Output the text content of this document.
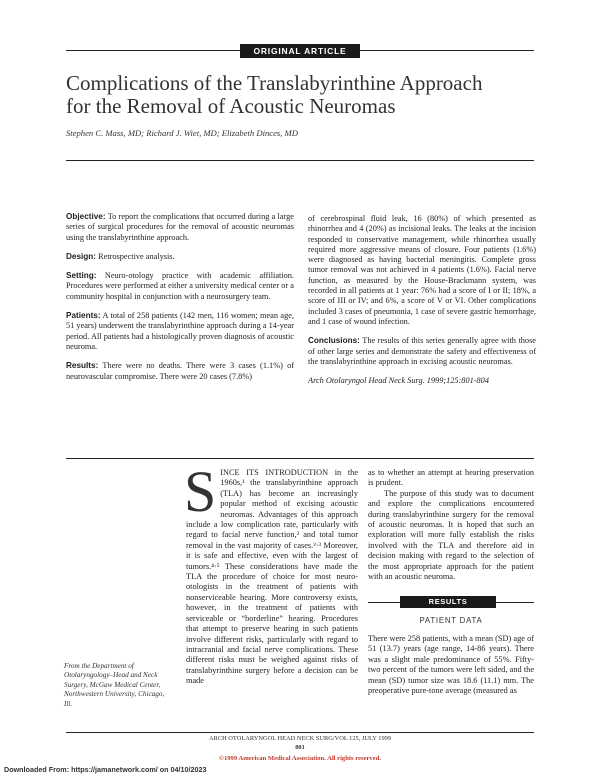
ORIGINAL ARTICLE
Complications of the Translabyrinthine Approach
for the Removal of Acoustic Neuromas
Stephen C. Mass, MD; Richard J. Wiet, MD; Elizabeth Dinces, MD

Objective: To report the complications that occurred during a large series of surgical procedures for the removal of acoustic neuromas using the translabyrinthine approach.

Design: Retrospective analysis.

Setting: Neuro-otology practice with academic affiliation. Procedures were performed at either a university medical center or a community hospital in conjunction with a neurosurgery team.

Patients: A total of 258 patients (142 men, 116 women; mean age, 51 years) underwent the translabyrinthine approach during a 14-year period. All patients had a histologically proven diagnosis of acoustic neuroma.

Results: There were no deaths. There were 3 cases (1.1%) of neurovascular compromise. There were 20 cases (7.8%)

of cerebrospinal fluid leak, 16 (80%) of which presented as rhinorrhea and 4 (20%) as incisional leaks. The leaks at the incision responded to conservative management, while rhinorrhea usually required more aggressive means of closure. Four patients (1.6%) were diagnosed as having bacterial meningitis. Complete gross tumor removal was not achieved in 4 patients (1.6%). Facial nerve function, as measured by the House-Brackmann system, was recorded in all patients at 1 year: 76% had a score of I or II; 18%, a score of III or IV; and 6%, a score of V or VI. Other complications included 3 cases of pneumonia, 1 case of severe gastric hemorrhage, and 1 case of wound infection.

Conclusions: The results of this series generally agree with those of other large series and demonstrate the safety and effectiveness of the translabyrinthine approach in excising acoustic neuromas.

Arch Otolaryngol Head Neck Surg. 1999;125:801-804

SINCE ITS INTRODUCTION in the 1960s,¹ the translabyrinthine approach (TLA) has become an increasingly popular method of excising acoustic neuromas. Advantages of this approach include a low complication rate, particularly with regard to facial nerve function,² and total tumor removal in the vast majority of cases.²·³ Moreover, it is safe and effective, even with the largest of tumors.⁴·⁵ These considerations have made the TLA the procedure of choice for most neuro-otologists in the treatment of patients with nonserviceable hearing. More controversy exists, however, in the treatment of patients with serviceable or “borderline” hearing. Procedures that attempt to preserve hearing in such patients involve different risks, particularly with regard to intracranial and facial nerve complications. These different risks must be weighed against risks of translabyrinthine surgery before a decision can be made

From the Department of Otolaryngology–Head and Neck Surgery, McGaw Medical Center, Northwestern University, Chicago, Ill.

as to whether an attempt at hearing preservation is prudent.

The purpose of this study was to document and explore the complications encountered during translabyrinthine surgery for the removal of acoustic neuromas. It is hoped that such an exploration will more fully establish the risks involved with the TLA and therefore aid in decision making with regard to the selection of the most appropriate approach for the patient with an acoustic neuroma.

RESULTS
PATIENT DATA

There were 258 patients, with a mean (SD) age of 51 (13.7) years (age range, 14-86 years). There was a slight male predominance of 55%. Fifty-two percent of the tumors were left sided, and the mean (SD) tumor size was 18.6 (11.1) mm. The preoperative pure-tone average (measured as

ARCH OTOLARYNGOL HEAD NECK SURG/VOL 125, JULY 1999
801
©1999 American Medical Association. All rights reserved.
Downloaded From: https://jamanetwork.com/ on 04/10/2023
